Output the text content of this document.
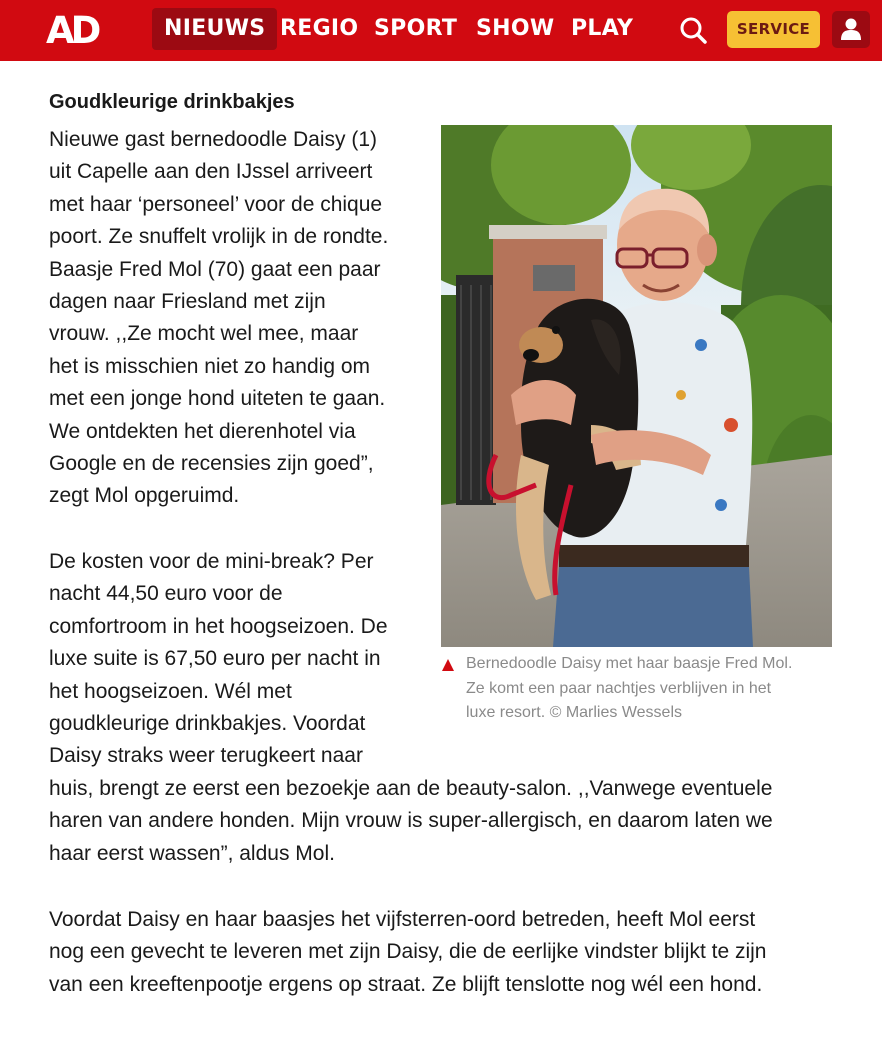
AD	NIEUWS REGIO SPORT SHOW PLAY	SERVICE
Goudkleurige drinkbakjes
Nieuwe gast bernedoodle Daisy (1)
uit Capelle aan den IJssel arriveert
met haar ‘personeel’ voor de chique
poort. Ze snuffelt vrolijk in de rondte.
Baasje Fred Mol (70) gaat een paar
dagen naar Friesland met zijn
vrouw. ,,Ze mocht wel mee, maar
het is misschien niet zo handig om
met een jonge hond uiteten te gaan.
We ontdekten het dierenhotel via
Google en de recensies zijn goed”,
zegt Mol opgeruimd.
De kosten voor de mini-break? Per
nacht 44,50 euro voor de
comfortroom in het hoogseizoen. De
luxe suite is 67,50 euro per nacht in
het hoogseizoen. Wél met
goudkleurige drinkbakjes. Voordat
Daisy straks weer terugkeert naar
huis, brengt ze eerst een bezoekje aan de beauty-salon. ,,Vanwege eventuele
haren van andere honden. Mijn vrouw is super-allergisch, en daarom laten we
haar eerst wassen”, aldus Mol.
Voordat Daisy en haar baasjes het vijfsterren-oord betreden, heeft Mol eerst
nog een gevecht te leveren met zijn Daisy, die de eerlijke vindster blijkt te zijn
van een kreeftenpootje ergens op straat. Ze blijft tenslotte nog wél een hond.
Bernedoodle Daisy met haar baasje Fred Mol.
Ze komt een paar nachtjes verblijven in het
luxe resort. © Marlies Wessels
